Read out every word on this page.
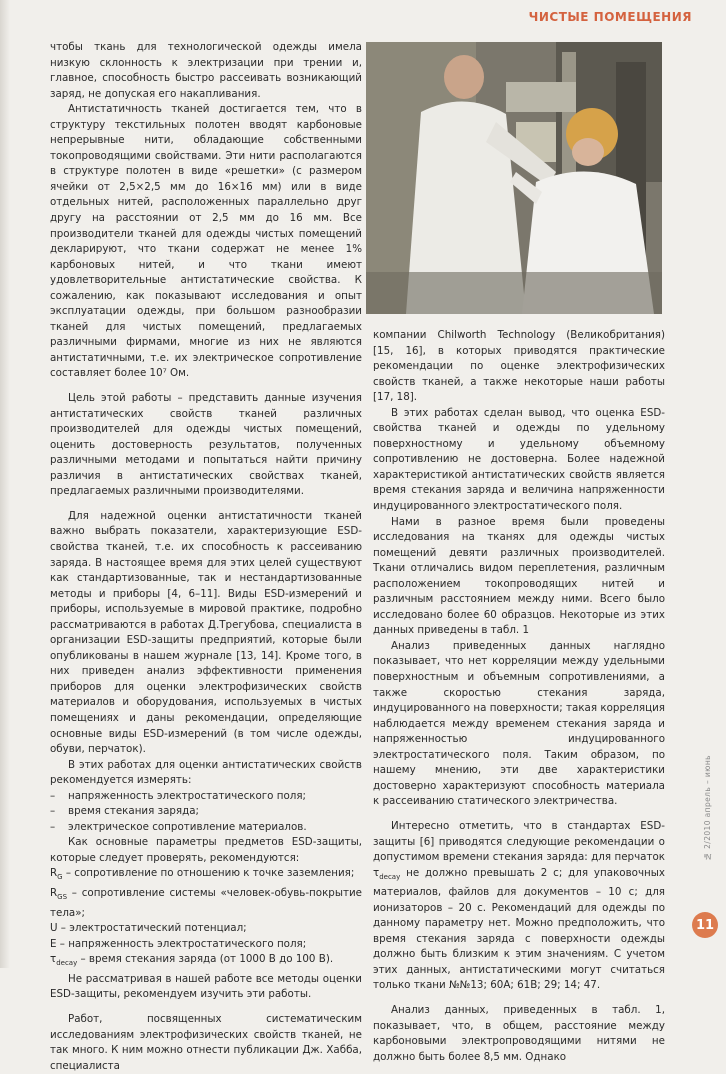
ЧИСТЫЕ ПОМЕЩЕНИЯ

чтобы ткань для технологической одежды имела низкую склонность к электризации при трении и, главное, способность быстро рассеивать возникающий заряд, не допуская его накапливания.

Антистатичность тканей достигается тем, что в структуру текстильных полотен вводят карбоновые непрерывные нити, обладающие собственными токопроводящими свойствами. Эти нити располагаются в структуре полотен в виде «решетки» (с размером ячейки от 2,5×2,5 мм до 16×16 мм) или в виде отдельных нитей, расположенных параллельно друг другу на расстоянии от 2,5 мм до 16 мм. Все производители тканей для одежды чистых помещений декларируют, что ткани содержат не менее 1% карбоновых нитей, и что ткани имеют удовлетворительные антистатические свойства. К сожалению, как показывают исследования и опыт эксплуатации одежды, при большом разнообразии тканей для чистых помещений, предлагаемых различными фирмами, многие из них не являются антистатичными, т.е. их электрическое сопротивление составляет более 10⁷ Ом.

Цель этой работы – представить данные изучения антистатических свойств тканей различных производителей для одежды чистых помещений, оценить достоверность результатов, полученных различными методами и попытаться найти причину различия в антистатических свойствах тканей, предлагаемых различными производителями.

Для надежной оценки антистатичности тканей важно выбрать показатели, характеризующие ESD-свойства тканей, т.е. их способность к рассеиванию заряда. В настоящее время для этих целей существуют как стандартизованные, так и нестандартизованные методы и приборы [4, 6–11]. Виды ESD-измерений и приборы, используемые в мировой практике, подробно рассматриваются в работах Д.Трегубова, специалиста в организации ESD-защиты предприятий, которые были опубликованы в нашем журнале [13, 14]. Кроме того, в них приведен анализ эффективности применения приборов для оценки электрофизических свойств материалов и оборудования, используемых в чистых помещениях и даны рекомендации, определяющие основные виды ESD-измерений (в том числе одежды, обуви, перчаток).

В этих работах для оценки антистатических свойств рекомендуется измерять:

– напряженность электростатического поля;

– время стекания заряда;

– электрическое сопротивление материалов.

Как основные параметры предметов ESD-защиты, которые следует проверять, рекомендуются:

$R_G$ – сопротивление по отношению к точке заземления;

$R_{GS}$ – сопротивление системы «человек-обувь-покрытие тела»;

U – электростатический потенциал;

E – напряженность электростатического поля;

$\tau_{decay}$ – время стекания заряда (от 1000 В до 100 В).

Не рассматривая в нашей работе все методы оценки ESD-защиты, рекомендуем изучить эти работы.

Работ, посвященных систематическим исследованиям электрофизических свойств тканей, не так много. К ним можно отнести публикации Дж. Хабба, специалиста

компании Chilworth Technology (Великобритания) [15, 16], в которых приводятся практические рекомендации по оценке электрофизических свойств тканей, а также некоторые наши работы [17, 18].

В этих работах сделан вывод, что оценка ESD-свойства тканей и одежды по удельному поверхностному и удельному объемному сопротивлению не достоверна. Более надежной характеристикой антистатических свойств является время стекания заряда и величина напряженности индуцированного электростатического поля.

Нами в разное время были проведены исследования на тканях для одежды чистых помещений девяти различных производителей. Ткани отличались видом переплетения, различным расположением токопроводящих нитей и различным расстоянием между ними. Всего было исследовано более 60 образцов. Некоторые из этих данных приведены в табл. 1

Анализ приведенных данных наглядно показывает, что нет корреляции между удельными поверхностным и объемным сопротивлениями, а также скоростью стекания заряда, индуцированного на поверхности; такая корреляция наблюдается между временем стекания заряда и напряженностью индуцированного электростатического поля. Таким образом, по нашему мнению, эти две характеристики достоверно характеризуют способность материала к рассеиванию статического электричества.

Интересно отметить, что в стандартах ESD-защиты [6] приводятся следующие рекомендации о допустимом времени стекания заряда: для перчаток $\tau_{decay}$ не должно превышать 2 с; для упаковочных материалов, файлов для документов – 10 с; для ионизаторов – 20 с. Рекомендаций для одежды по данному параметру нет. Можно предположить, что время стекания заряда с поверхности одежды должно быть близким к этим значениям. С учетом этих данных, антистатическими могут считаться только ткани №№13; 60А; 61В; 29; 14; 47.

Анализ данных, приведенных в табл. 1, показывает, что, в общем, расстояние между карбоновыми электропроводящими нитями не должно быть более 8,5 мм. Однако

№ 2/2010 апрель – июнь
11
